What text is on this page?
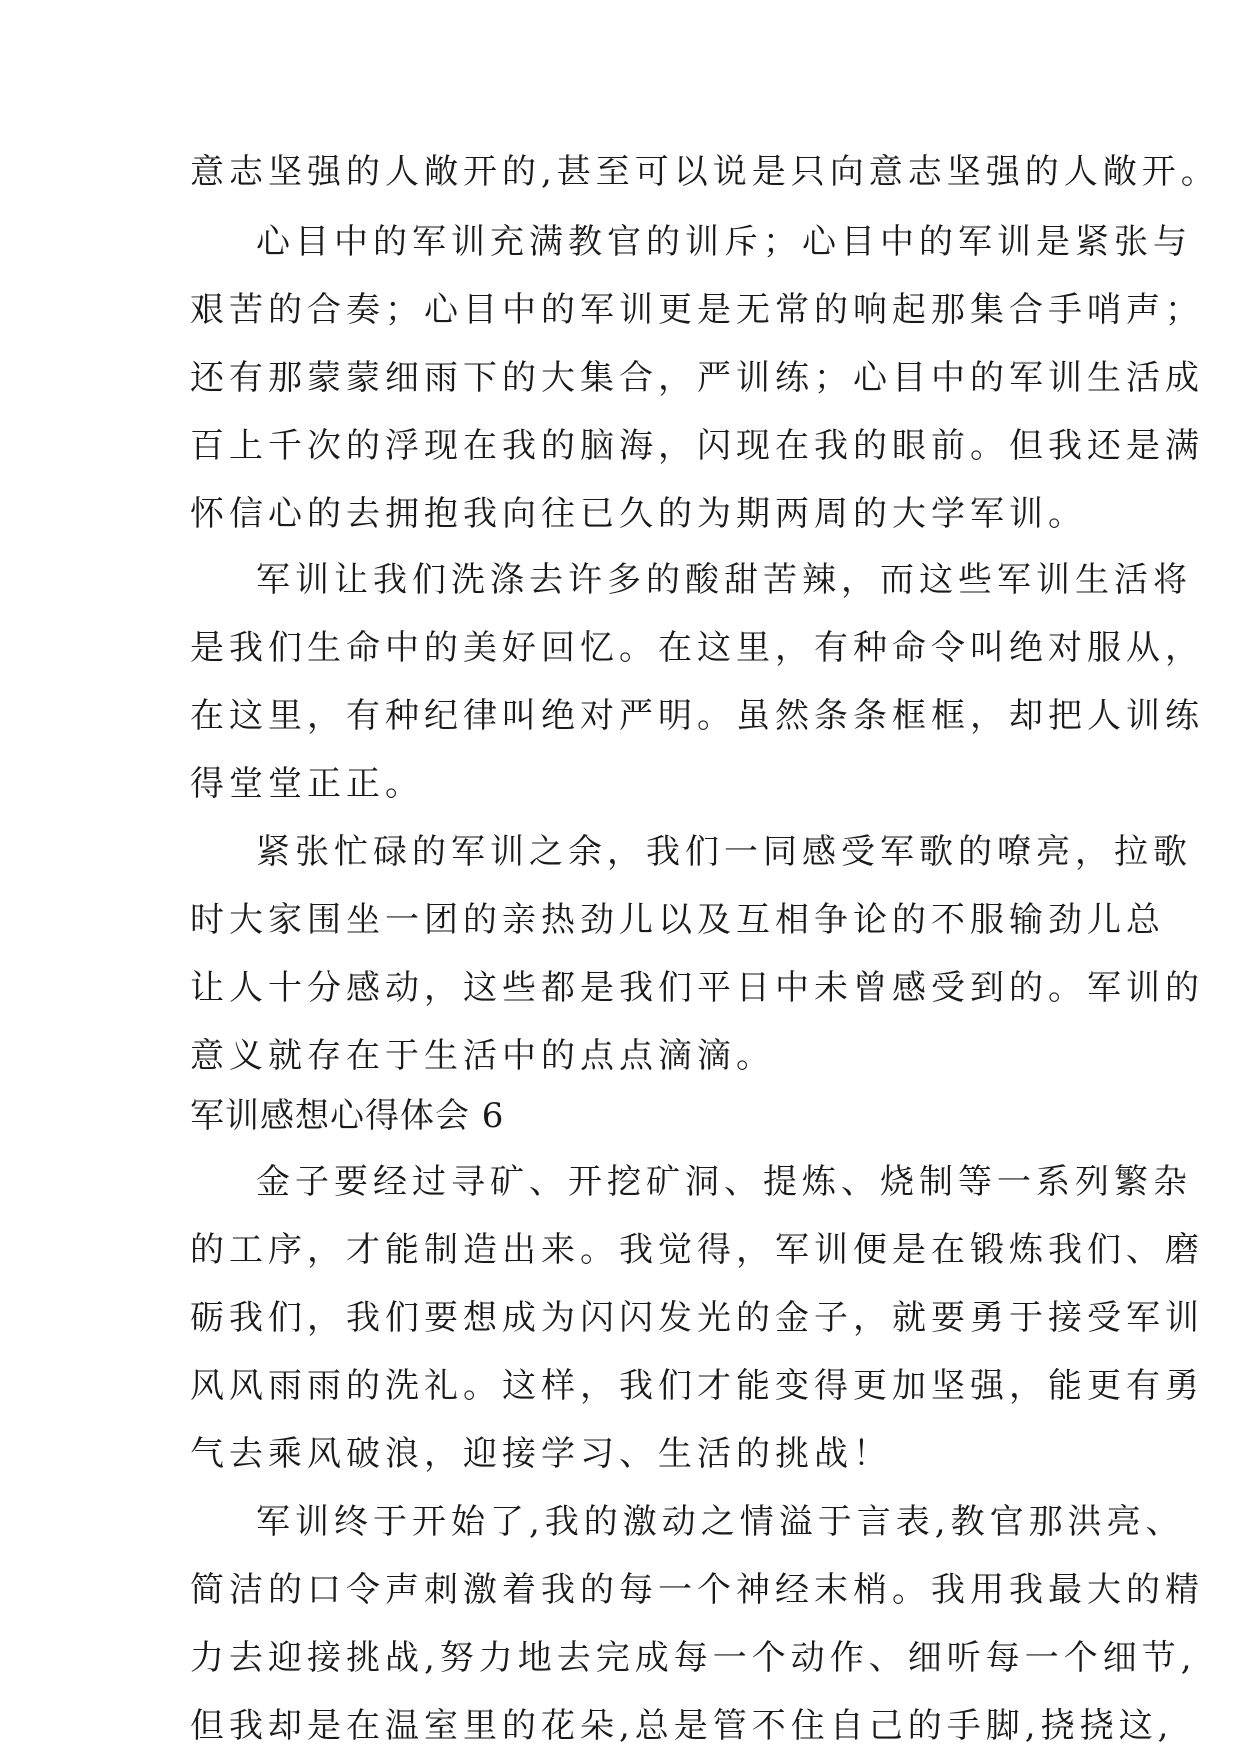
意志坚强的人敞开的,甚至可以说是只向意志坚强的人敞开。
心目中的军训充满教官的训斥；心目中的军训是紧张与
艰苦的合奏；心目中的军训更是无常的响起那集合手哨声；
还有那蒙蒙细雨下的大集合，严训练；心目中的军训生活成
百上千次的浮现在我的脑海，闪现在我的眼前。但我还是满
怀信心的去拥抱我向往已久的为期两周的大学军训。
军训让我们洗涤去许多的酸甜苦辣，而这些军训生活将
是我们生命中的美好回忆。在这里，有种命令叫绝对服从，
在这里，有种纪律叫绝对严明。虽然条条框框，却把人训练
得堂堂正正。
紧张忙碌的军训之余，我们一同感受军歌的嘹亮，拉歌
时大家围坐一团的亲热劲儿以及互相争论的不服输劲儿总
让人十分感动，这些都是我们平日中未曾感受到的。军训的
意义就存在于生活中的点点滴滴。
军训感想心得体会 6
金子要经过寻矿、开挖矿洞、提炼、烧制等一系列繁杂
的工序，才能制造出来。我觉得，军训便是在锻炼我们、磨
砺我们，我们要想成为闪闪发光的金子，就要勇于接受军训
风风雨雨的洗礼。这样，我们才能变得更加坚强，能更有勇
气去乘风破浪，迎接学习、生活的挑战！
军训终于开始了,我的激动之情溢于言表,教官那洪亮、
简洁的口令声刺激着我的每一个神经末梢。我用我最大的精
力去迎接挑战,努力地去完成每一个动作、细听每一个细节,
但我却是在温室里的花朵,总是管不住自己的手脚,挠挠这,
